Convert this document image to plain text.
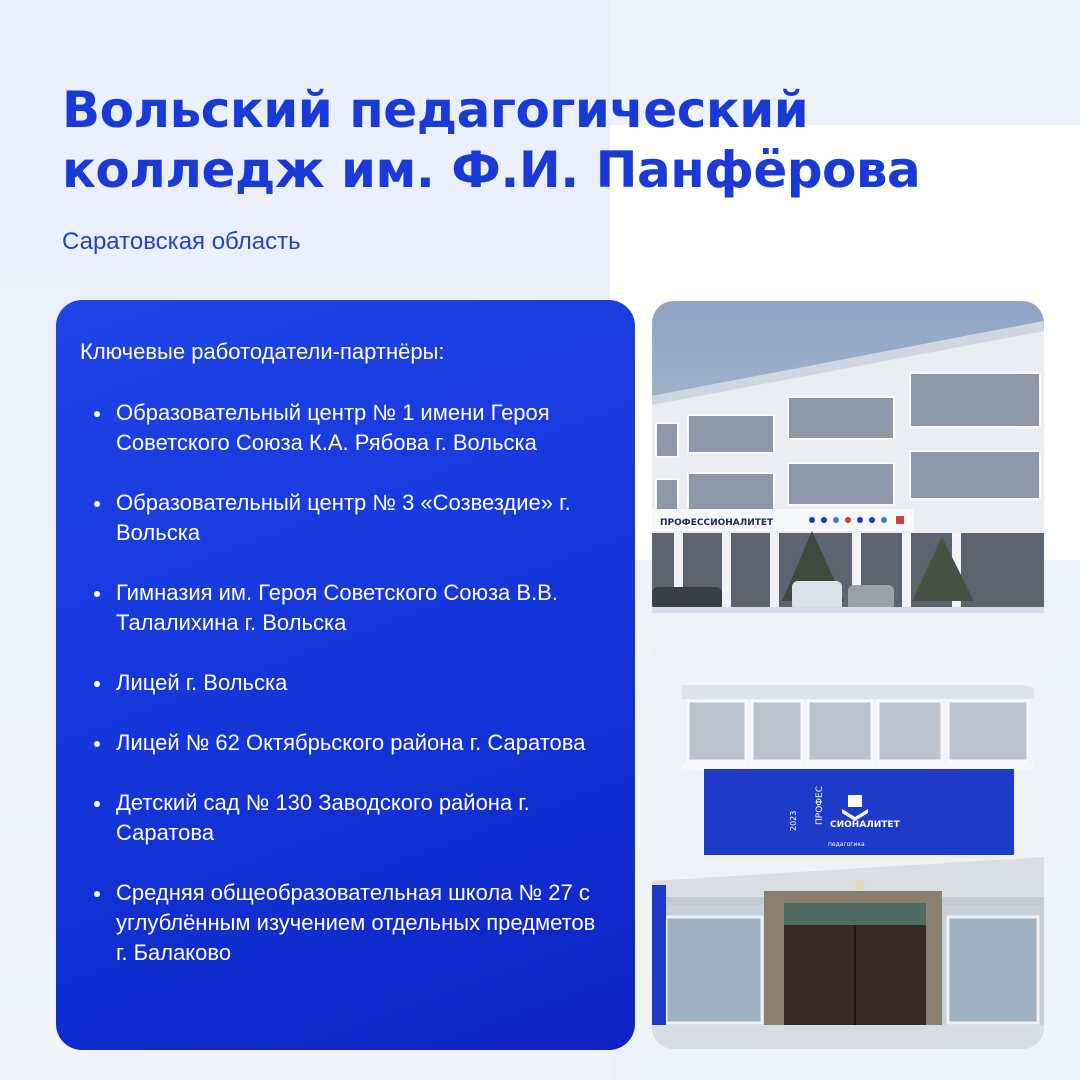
Вольский педагогический
колледж им. Ф.И. Панфёрова
Саратовская область
Ключевые работодатели-партнёры:
Образовательный центр № 1 имени Героя Советского Союза К.А. Рябова г. Вольска
Образовательный центр № 3 «Созвездие» г. Вольска
Гимназия им. Героя Советского Союза В.В. Талалихина г. Вольска
Лицей г. Вольска
Лицей № 62 Октябрьского района г. Саратова
Детский сад № 130 Заводского района г. Саратова
Средняя общеобразовательная школа № 27 с углублённым изучением отдельных предметов г. Балаково
ПРОФЕССИОНАЛИТЕТ
ПРОФЕС СИОНАЛИТЕТ
2023
педагогика
